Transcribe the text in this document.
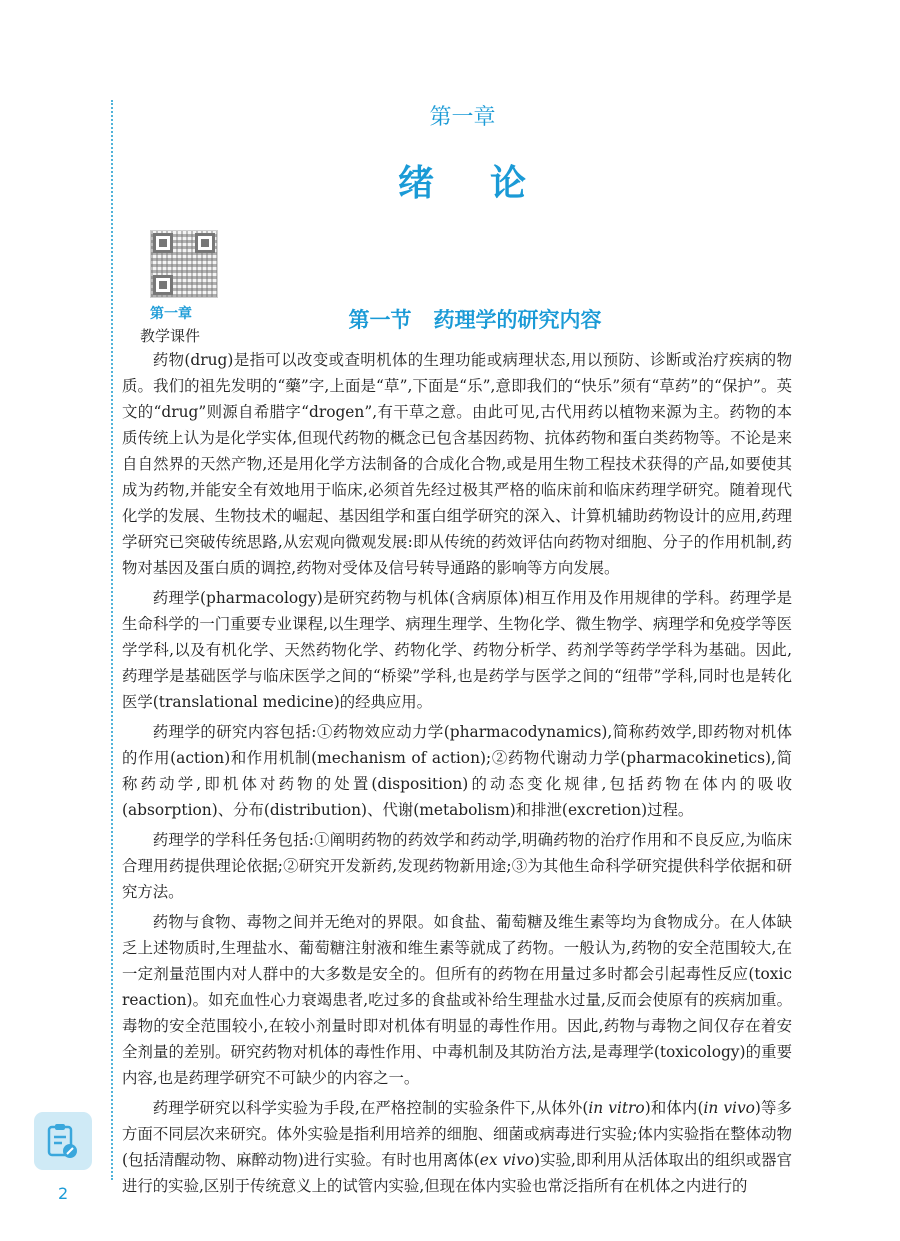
第一章
绪论
第一章
教学课件
第一节 药理学的研究内容

药物(drug)是指可以改变或查明机体的生理功能或病理状态,用以预防、诊断或治疗疾病的物质。我们的祖先发明的“藥”字,上面是“草”,下面是“乐”,意即我们的“快乐”须有“草药”的“保护”。英文的“drug”则源自希腊字“drogen”,有干草之意。由此可见,古代用药以植物来源为主。药物的本质传统上认为是化学实体,但现代药物的概念已包含基因药物、抗体药物和蛋白类药物等。不论是来自自然界的天然产物,还是用化学方法制备的合成化合物,或是用生物工程技术获得的产品,如要使其成为药物,并能安全有效地用于临床,必须首先经过极其严格的临床前和临床药理学研究。随着现代化学的发展、生物技术的崛起、基因组学和蛋白组学研究的深入、计算机辅助药物设计的应用,药理学研究已突破传统思路,从宏观向微观发展:即从传统的药效评估向药物对细胞、分子的作用机制,药物对基因及蛋白质的调控,药物对受体及信号转导通路的影响等方向发展。

药理学(pharmacology)是研究药物与机体(含病原体)相互作用及作用规律的学科。药理学是生命科学的一门重要专业课程,以生理学、病理生理学、生物化学、微生物学、病理学和免疫学等医学学科,以及有机化学、天然药物化学、药物化学、药物分析学、药剂学等药学学科为基础。因此,药理学是基础医学与临床医学之间的“桥梁”学科,也是药学与医学之间的“纽带”学科,同时也是转化医学(translational medicine)的经典应用。

药理学的研究内容包括:①药物效应动力学(pharmacodynamics),简称药效学,即药物对机体的作用(action)和作用机制(mechanism of action);②药物代谢动力学(pharmacokinetics),简称药动学,即机体对药物的处置(disposition)的动态变化规律,包括药物在体内的吸收(absorption)、分布(distribution)、代谢(metabolism)和排泄(excretion)过程。

药理学的学科任务包括:①阐明药物的药效学和药动学,明确药物的治疗作用和不良反应,为临床合理用药提供理论依据;②研究开发新药,发现药物新用途;③为其他生命科学研究提供科学依据和研究方法。

药物与食物、毒物之间并无绝对的界限。如食盐、葡萄糖及维生素等均为食物成分。在人体缺乏上述物质时,生理盐水、葡萄糖注射液和维生素等就成了药物。一般认为,药物的安全范围较大,在一定剂量范围内对人群中的大多数是安全的。但所有的药物在用量过多时都会引起毒性反应(toxic reaction)。如充血性心力衰竭患者,吃过多的食盐或补给生理盐水过量,反而会使原有的疾病加重。毒物的安全范围较小,在较小剂量时即对机体有明显的毒性作用。因此,药物与毒物之间仅存在着安全剂量的差别。研究药物对机体的毒性作用、中毒机制及其防治方法,是毒理学(toxicology)的重要内容,也是药理学研究不可缺少的内容之一。

药理学研究以科学实验为手段,在严格控制的实验条件下,从体外(in vitro)和体内(in vivo)等多方面不同层次来研究。体外实验是指利用培养的细胞、细菌或病毒进行实验;体内实验指在整体动物(包括清醒动物、麻醉动物)进行实验。有时也用离体(ex vivo)实验,即利用从活体取出的组织或器官进行的实验,区别于传统意义上的试管内实验,但现在体内实验也常泛指所有在机体之内进行的

2
